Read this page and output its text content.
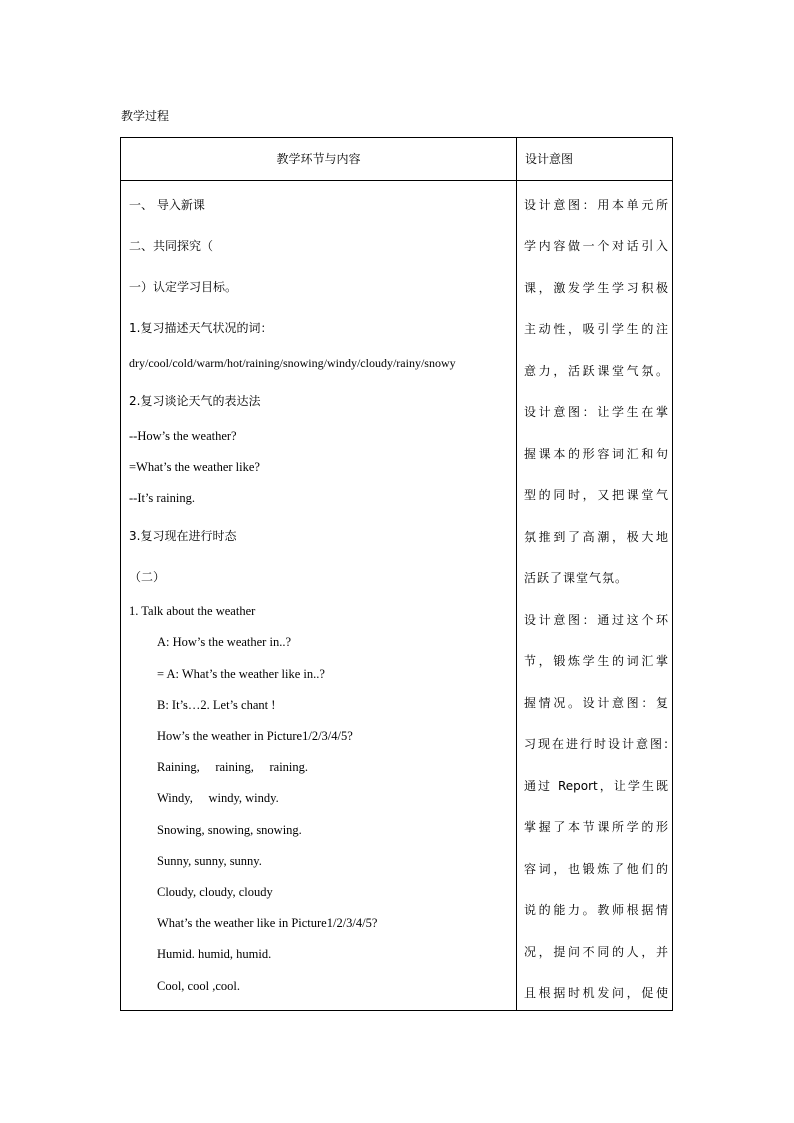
教学过程
教学环节与内容	设计意图
一、 导入新课
二、共同探究（
一）认定学习目标。
1.复习描述天气状况的词：
dry/cool/cold/warm/hot/raining/snowing/windy/cloudy/rainy/snowy
2.复习谈论天气的表达法
--How’s the weather?
=What’s the weather like?
--It’s raining.
3.复习现在进行时态
（二）
1. Talk about the weather
A: How’s the weather in..?
= A: What’s the weather like in..?
B: It’s…2. Let’s chant !
How’s the weather in Picture1/2/3/4/5?
Raining,     raining,     raining.
Windy,     windy, windy.
Snowing, snowing, snowing.
Sunny, sunny, sunny.
Cloudy, cloudy, cloudy
What’s the weather like in Picture1/2/3/4/5?
Humid. humid, humid.
Cool, cool ,cool.
设计意图：用本单元所
学内容做一个对话引入
课，激发学生学习积极
主动性，吸引学生的注
意力，活跃课堂气氛。
设计意图：让学生在掌
握课本的形容词汇和句
型的同时，又把课堂气
氛推到了高潮，极大地
活跃了课堂气氛。
设计意图：通过这个环
节，锻炼学生的词汇掌
握情况。设计意图：复
习现在进行时设计意图:
通过 Report，让学生既
掌握了本节课所学的形
容词，也锻炼了他们的
说的能力。教师根据情
况，提问不同的人，并
且根据时机发问，促使
